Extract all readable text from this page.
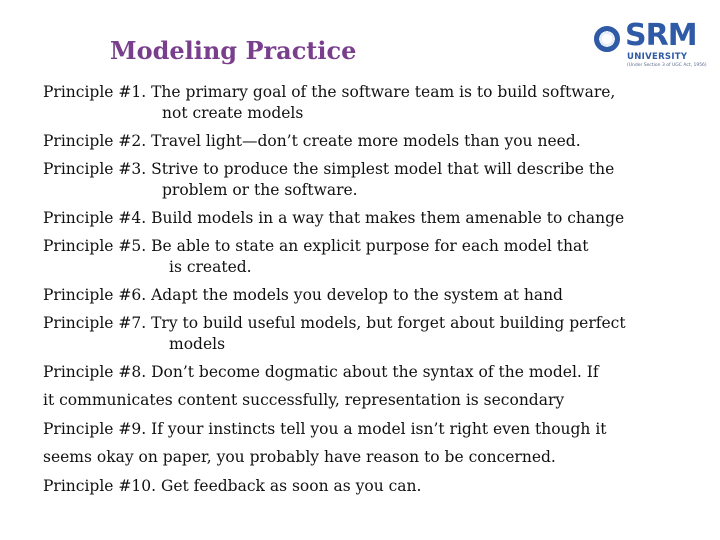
Modeling Practice	SRM
UNIVERSITY
(Under Section 3 of UGC Act, 1956)
Principle #1. The primary goal of the software team is to build software,
not create models
Principle #2. Travel light—don’t create more models than you need.
Principle #3. Strive to produce the simplest model that will describe the
problem or the software.
Principle #4. Build models in a way that makes them amenable to change
Principle #5. Be able to state an explicit purpose for each model that
is created.
Principle #6. Adapt the models you develop to the system at hand
Principle #7. Try to build useful models, but forget about building perfect
models
Principle #8. Don’t become dogmatic about the syntax of the model. If
it communicates content successfully, representation is secondary
Principle #9. If your instincts tell you a model isn’t right even though it
seems okay on paper, you probably have reason to be concerned.
Principle #10. Get feedback as soon as you can.
